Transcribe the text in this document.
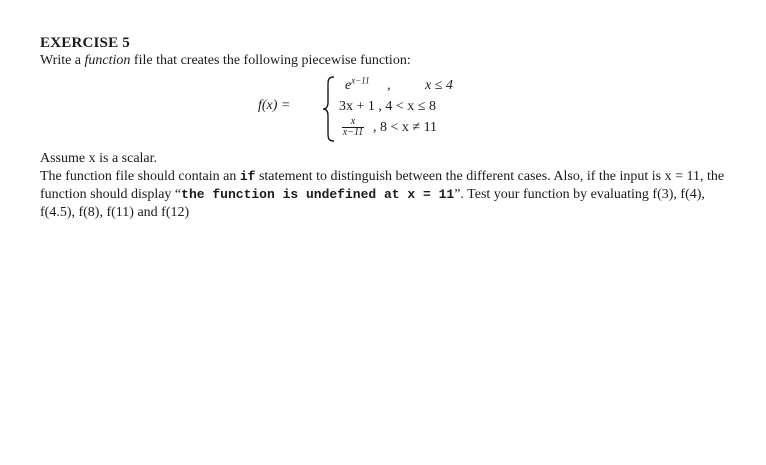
EXERCISE 5
Write a function file that creates the following piecewise function:
f(x) =
$e^{x-11}$ , x ≤ 4
3x + 1 , 4 < x ≤ 8
x
x−11 , 8 < x ≠ 11
Assume x is a scalar.
The function file should contain an if statement to distinguish between the different cases. Also, if the input is x = 11, the function should display “the function is undefined at x = 11”. Test your function by evaluating f(3), f(4), f(4.5), f(8), f(11) and f(12)
